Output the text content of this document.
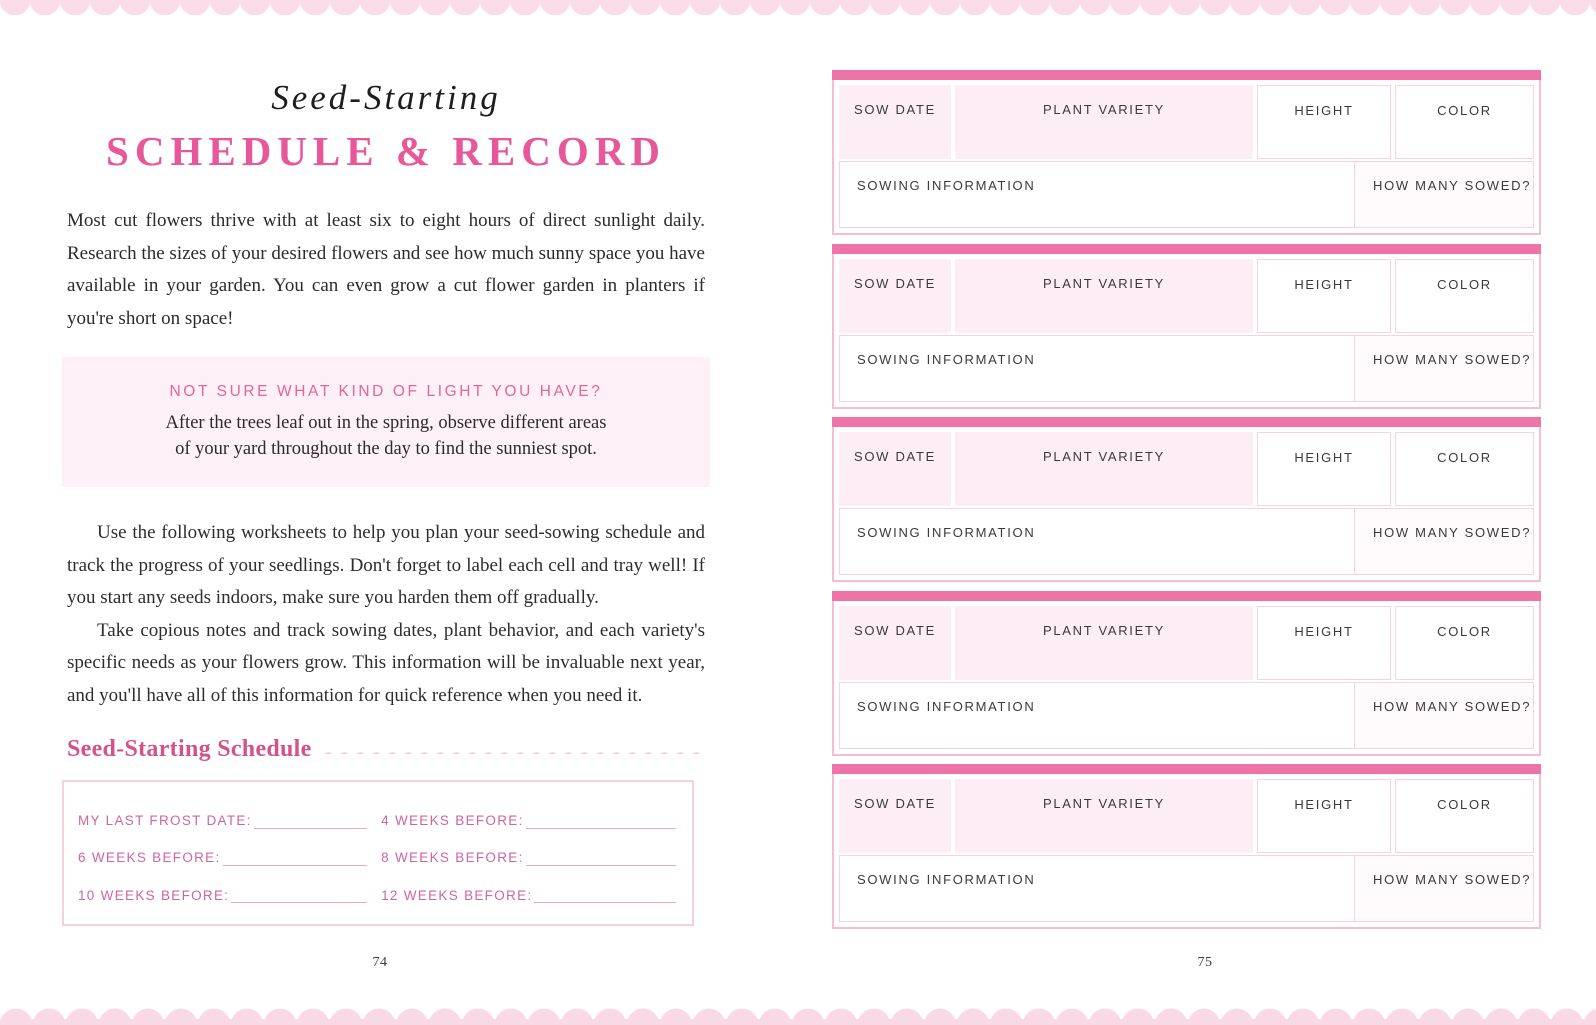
Seed-Starting
SCHEDULE & RECORD
Most cut flowers thrive with at least six to eight hours of direct sunlight daily. Research the sizes of your desired flowers and see how much sunny space you have available in your garden. You can even grow a cut flower garden in planters if you're short on space!
NOT SURE WHAT KIND OF LIGHT YOU HAVE?
After the trees leaf out in the spring, observe different areas
of your yard throughout the day to find the sunniest spot.

Use the following worksheets to help you plan your seed-sowing schedule and track the progress of your seedlings. Don't forget to label each cell and tray well! If you start any seeds indoors, make sure you harden them off gradually.

Take copious notes and track sowing dates, plant behavior, and each variety's specific needs as your flowers grow. This information will be invaluable next year, and you'll have all of this information for quick reference when you need it.

Seed-Starting Schedule
MY LAST FROST DATE:	4 WEEKS BEFORE:
6 WEEKS BEFORE:	8 WEEKS BEFORE:
10 WEEKS BEFORE:	12 WEEKS BEFORE:
SOW DATE	PLANT VARIETY	HEIGHT	COLOR
SOWING INFORMATION	HOW MANY SOWED?
SOW DATE	PLANT VARIETY	HEIGHT	COLOR
SOWING INFORMATION	HOW MANY SOWED?
SOW DATE	PLANT VARIETY	HEIGHT	COLOR
SOWING INFORMATION	HOW MANY SOWED?
SOW DATE	PLANT VARIETY	HEIGHT	COLOR
SOWING INFORMATION	HOW MANY SOWED?
SOW DATE	PLANT VARIETY	HEIGHT	COLOR
SOWING INFORMATION	HOW MANY SOWED?
74	75
